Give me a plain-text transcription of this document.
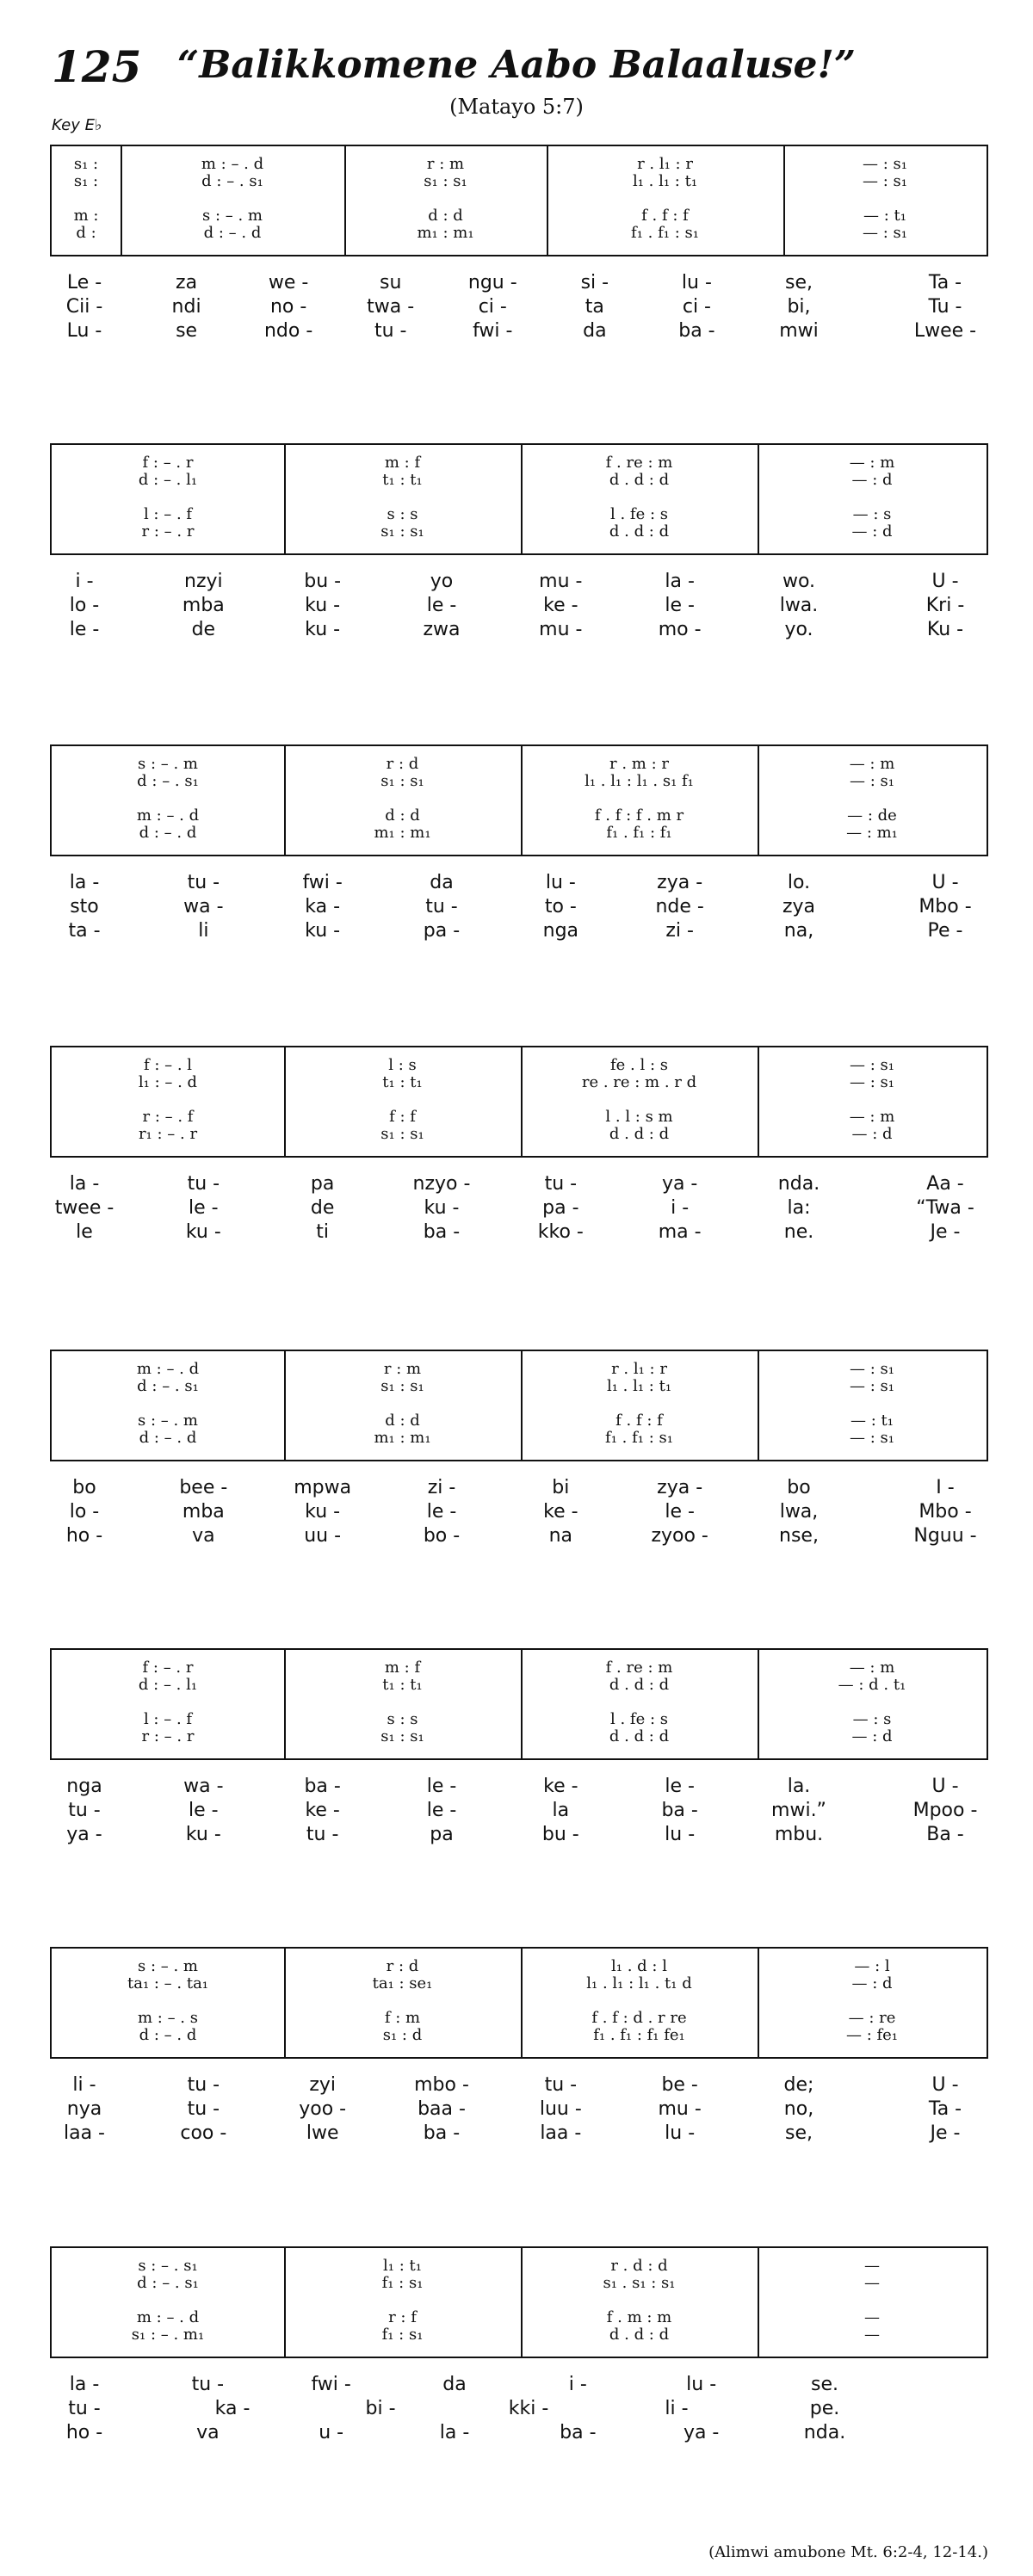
125 “Balikkomene Aabo Balaaluse!”
(Matayo 5:7)
Key E♭
s₁ :	m : – . d	r : m	r . l₁ : r	— : s₁
s₁ :	d : – . s₁	s₁ : s₁	l₁ . l₁ : t₁	— : s₁
m :	s : – . m	d : d	f . f : f	— : t₁
d :	d : – . d	m₁ : m₁	f₁ . f₁ : s₁	— : s₁
Le -	za	we -	su	ngu -	si -	lu -	se,	Ta -
Cii -	ndi	no -	twa -	ci -	ta	ci -	bi,	Tu -
Lu -	se	ndo -	tu -	fwi -	da	ba -	mwi	Lwee -
f : – . r	m : f	f . re : m	— : m
d : – . l₁	t₁ : t₁	d . d : d	— : d
l : – . f	s : s	l . fe : s	— : s
r : – . r	s₁ : s₁	d . d : d	— : d
i -	nzyi	bu -	yo	mu -	la -	wo.	U -
lo -	mba	ku -	le -	ke -	le -	lwa.	Kri -
le -	de	ku -	zwa	mu -	mo -	yo.	Ku -
s : – . m	r : d	r . m : r	— : m
d : – . s₁	s₁ : s₁	l₁ . l₁ : l₁ . s₁ f₁	— : s₁
m : – . d	d : d	f . f : f . m r	— : de
d : – . d	m₁ : m₁	f₁ . f₁ : f₁	— : m₁
la -	tu -	fwi -	da	lu -	zya -	lo.	U -
sto	wa -	ka -	tu -	to -	nde -	zya	Mbo -
ta -	li	ku -	pa -	nga	zi -	na,	Pe -
f : – . l	l : s	fe . l : s	— : s₁
l₁ : – . d	t₁ : t₁	re . re : m . r d	— : s₁
r : – . f	f : f	l . l : s m	— : m
r₁ : – . r	s₁ : s₁	d . d : d	— : d
la -	tu -	pa	nzyo -	tu -	ya -	nda.	Aa -
twee -	le -	de	ku -	pa -	i -	la:	“Twa -
le	ku -	ti	ba -	kko -	ma -	ne.	Je -
m : – . d	r : m	r . l₁ : r	— : s₁
d : – . s₁	s₁ : s₁	l₁ . l₁ : t₁	— : s₁
s : – . m	d : d	f . f : f	— : t₁
d : – . d	m₁ : m₁	f₁ . f₁ : s₁	— : s₁
bo	bee -	mpwa	zi -	bi	zya -	bo	I -
lo -	mba	ku -	le -	ke -	le -	lwa,	Mbo -
ho -	va	uu -	bo -	na	zyoo -	nse,	Nguu -
f : – . r	m : f	f . re : m	— : m
d : – . l₁	t₁ : t₁	d . d : d	— : d . t₁
l : – . f	s : s	l . fe : s	— : s
r : – . r	s₁ : s₁	d . d : d	— : d
nga	wa -	ba -	le -	ke -	le -	la.	U -
tu -	le -	ke -	le -	la	ba -	mwi.”	Mpoo -
ya -	ku -	tu -	pa	bu -	lu -	mbu.	Ba -
s : – . m	r : d	l₁ . d : l	— : l
ta₁ : – . ta₁	ta₁ : se₁	l₁ . l₁ : l₁ . t₁ d	— : d
m : – . s	f : m	f . f : d . r re	— : re
d : – . d	s₁ : d	f₁ . f₁ : f₁ fe₁	— : fe₁
li -	tu -	zyi	mbo -	tu -	be -	de;	U -
nya	tu -	yoo -	baa -	luu -	mu -	no,	Ta -
laa -	coo -	lwe	ba -	laa -	lu -	se,	Je -
s : – . s₁	l₁ : t₁	r . d : d	—
d : – . s₁	f₁ : s₁	s₁ . s₁ : s₁	—
m : – . d	r : f	f . m : m	—
s₁ : – . m₁	f₁ : s₁	d . d : d	—
la -	tu -	fwi -	da	i -	lu -	se.
tu -	ka -	bi -	kki -	li -	pe.
ho -	va	u -	la -	ba -	ya -	nda.
(Alimwi amubone Mt. 6:2-4, 12-14.)
